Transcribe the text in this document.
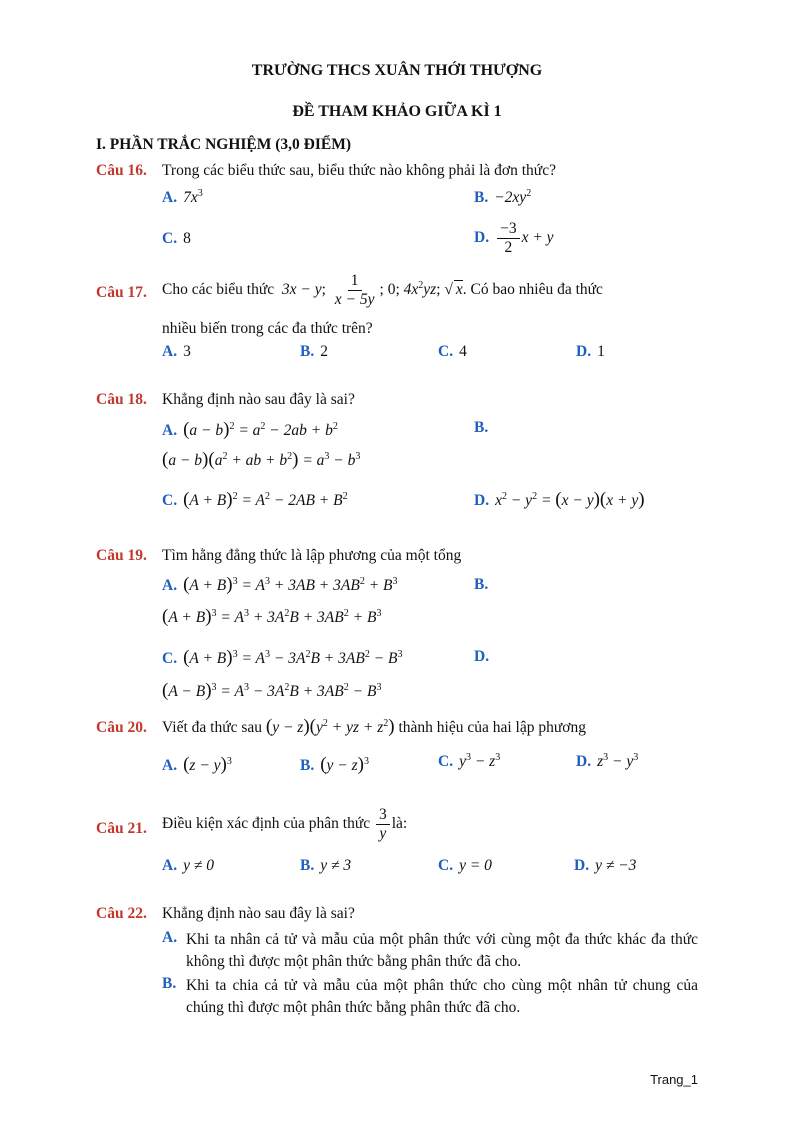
TRƯỜNG THCS XUÂN THỚI THƯỢNG
ĐỀ THAM KHẢO GIỮA KÌ 1
I. PHẦN TRẮC NGHIỆM (3,0 ĐIỂM)
Câu 16. Trong các biểu thức sau, biểu thức nào không phải là đơn thức?
A. $7x^3$	B. $-2xy^2$
C. 8	D. $\frac{-3}{2}$ x + y
Câu 17. Cho các biểu thức 3x − y; $\frac{1}{x - 5y}$ ; 0; $4x^2yz$; √ x. Có bao nhiêu đa thức
nhiều biến trong các đa thức trên?
A. 3	B. 2	C. 4	D. 1
Câu 18. Khẳng định nào sau đây là sai?
A. $(a - b)^2 = a^2 - 2ab + b^2$	B.
$(a - b)(a^2$ + ab + $b^2) = a^3 - b^3$
C. $(A + B)^2 = A^2 - 2AB + B^2$	D. $x^2 - y^2 = (x - y)(x + y)$
Câu 19. Tìm hằng đẳng thức là lập phương của một tổng
A. $(A + B)^3 = A^3 + 3AB + 3AB^2 + B^3$	B.
$(A + B)^3 = A^3 + 3A^2B + 3AB^2 + B^3$
C. $(A + B)^3 = A^3 - 3A^2B + 3AB^2 - B^3$	D.
$(A - B)^3 = A^3 - 3A^2B + 3AB^2 - B^3$
Câu 20. Viết đa thức sau $(y - z)(y^2$ + yz + $z^2$) thành hiệu của hai lập phương
A. $(z - y)^3$	B. $(y - z)^3$	C. $y^3 - z^3$	D. $z^3 - y^3$
Câu 21. Điều kiện xác định của phân thức $\frac{3}{y}$ là:
A. y ≠ 0	B. y ≠ 3	C. y = 0	D. y ≠ −3
Câu 22. Khẳng định nào sau đây là sai?
A. Khi ta nhân cả tử và mẫu của một phân thức với cùng một đa thức khác đa thức không thì được một phân thức bằng phân thức đã cho.
B. Khi ta chia cả tử và mẫu của một phân thức cho cùng một nhân tử chung của chúng thì được một phân thức bằng phân thức đã cho.
Trang_1
